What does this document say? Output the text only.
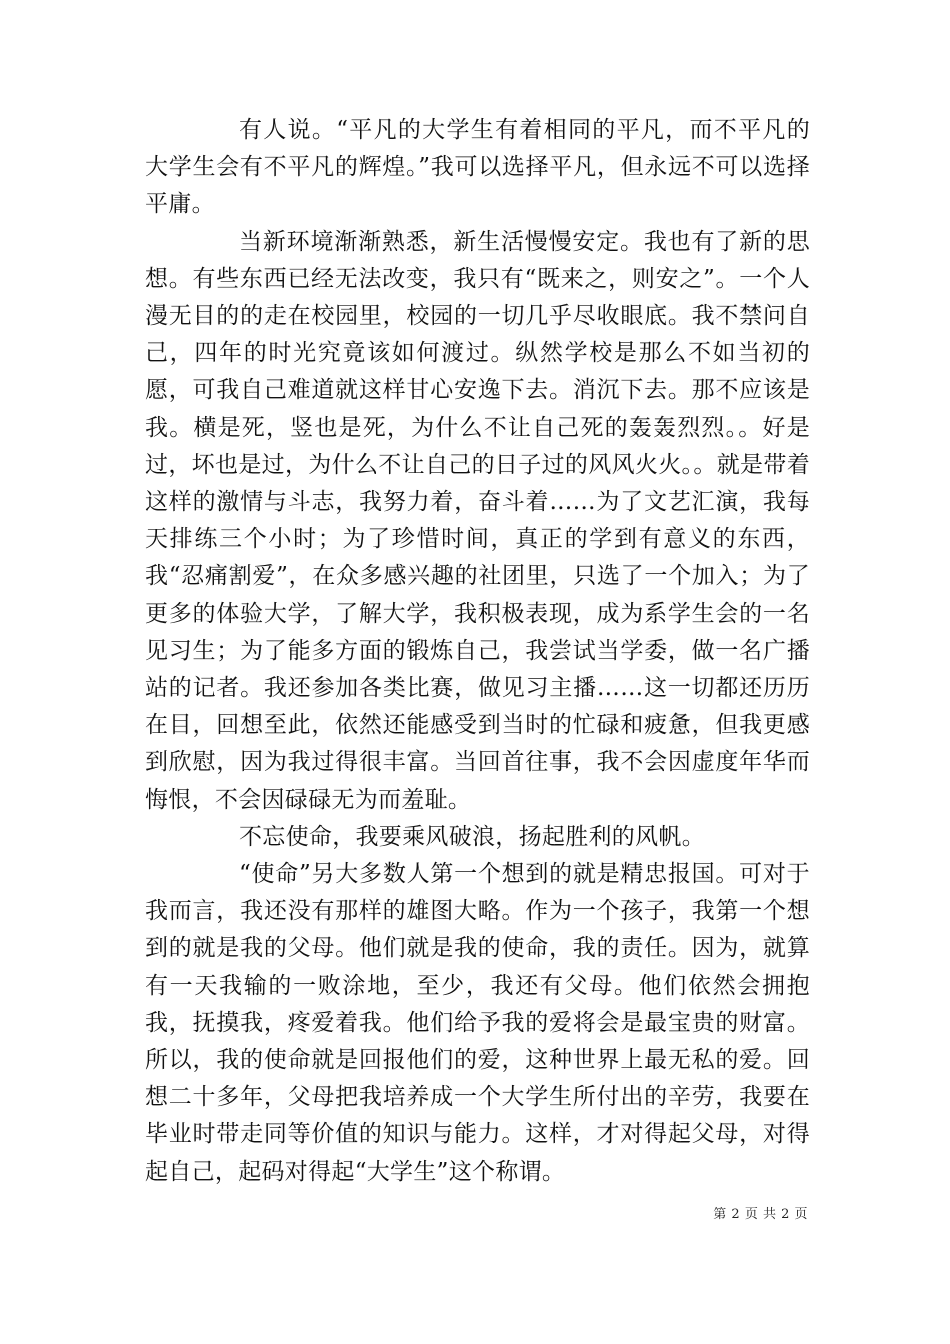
有人说。“平凡的大学生有着相同的平凡，而不平凡的大学生会有不平凡的辉煌。”我可以选择平凡，但永远不可以选择平庸。

当新环境渐渐熟悉，新生活慢慢安定。我也有了新的思想。有些东西已经无法改变，我只有“既来之，则安之”。一个人漫无目的的走在校园里，校园的一切几乎尽收眼底。我不禁问自己，四年的时光究竟该如何渡过。纵然学校是那么不如当初的愿，可我自己难道就这样甘心安逸下去。消沉下去。那不应该是我。横是死，竖也是死，为什么不让自己死的轰轰烈烈。。好是过，坏也是过，为什么不让自己的日子过的风风火火。。就是带着这样的激情与斗志，我努力着，奋斗着……为了文艺汇演，我每天排练三个小时；为了珍惜时间，真正的学到有意义的东西，我“忍痛割爱”，在众多感兴趣的社团里，只选了一个加入；为了更多的体验大学，了解大学，我积极表现，成为系学生会的一名见习生；为了能多方面的锻炼自己，我尝试当学委，做一名广播站的记者。我还参加各类比赛，做见习主播……这一切都还历历在目，回想至此，依然还能感受到当时的忙碌和疲惫，但我更感到欣慰，因为我过得很丰富。当回首往事，我不会因虚度年华而悔恨，不会因碌碌无为而羞耻。

不忘使命，我要乘风破浪，扬起胜利的风帆。

“使命”另大多数人第一个想到的就是精忠报国。可对于我而言，我还没有那样的雄图大略。作为一个孩子，我第一个想到的就是我的父母。他们就是我的使命，我的责任。因为，就算有一天我输的一败涂地，至少，我还有父母。他们依然会拥抱我，抚摸我，疼爱着我。他们给予我的爱将会是最宝贵的财富。所以，我的使命就是回报他们的爱，这种世界上最无私的爱。回想二十多年，父母把我培养成一个大学生所付出的辛劳，我要在毕业时带走同等价值的知识与能力。这样，才对得起父母，对得起自己，起码对得起“大学生”这个称谓。

第 2 页 共 2 页
